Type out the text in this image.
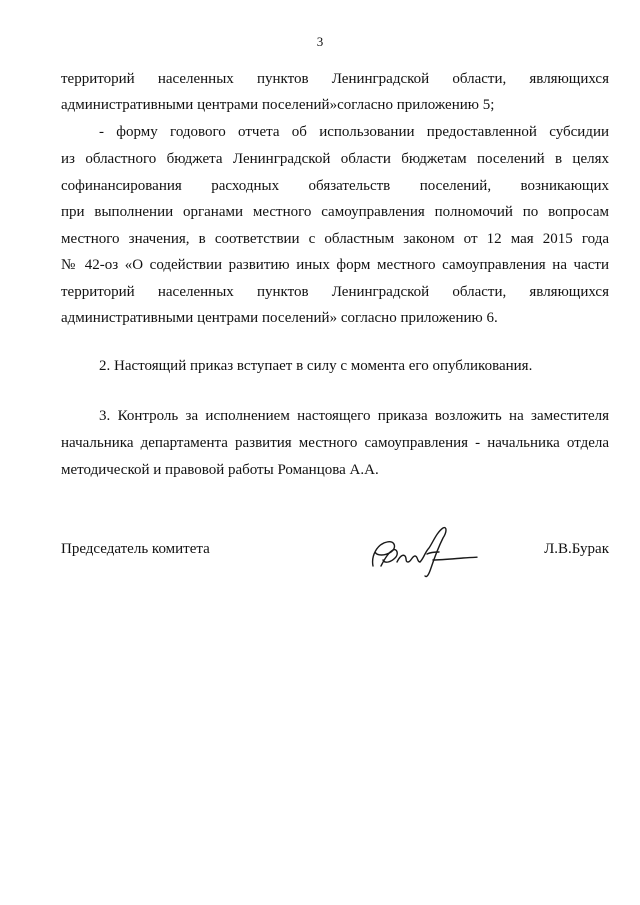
3
территорий населенных пунктов Ленинградской области, являющихся
административными центрами поселений»согласно приложению 5;
- форму годового отчета об использовании предоставленной субсидии
из областного бюджета Ленинградской области бюджетам поселений в целях
софинансирования расходных обязательств поселений, возникающих
при выполнении органами местного самоуправления полномочий по вопросам
местного значения, в соответствии с областным законом от 12 мая 2015 года
№ 42-оз «О содействии развитию иных форм местного самоуправления на части
территорий населенных пунктов Ленинградской области, являющихся
административными центрами поселений» согласно приложению 6.
2. Настоящий приказ вступает в силу с момента его опубликования.
3. Контроль за исполнением настоящего приказа возложить на заместителя
начальника департамента развития местного самоуправления - начальника отдела
методической и правовой работы Романцова А.А.
Председатель комитета	Л.В.Бурак
